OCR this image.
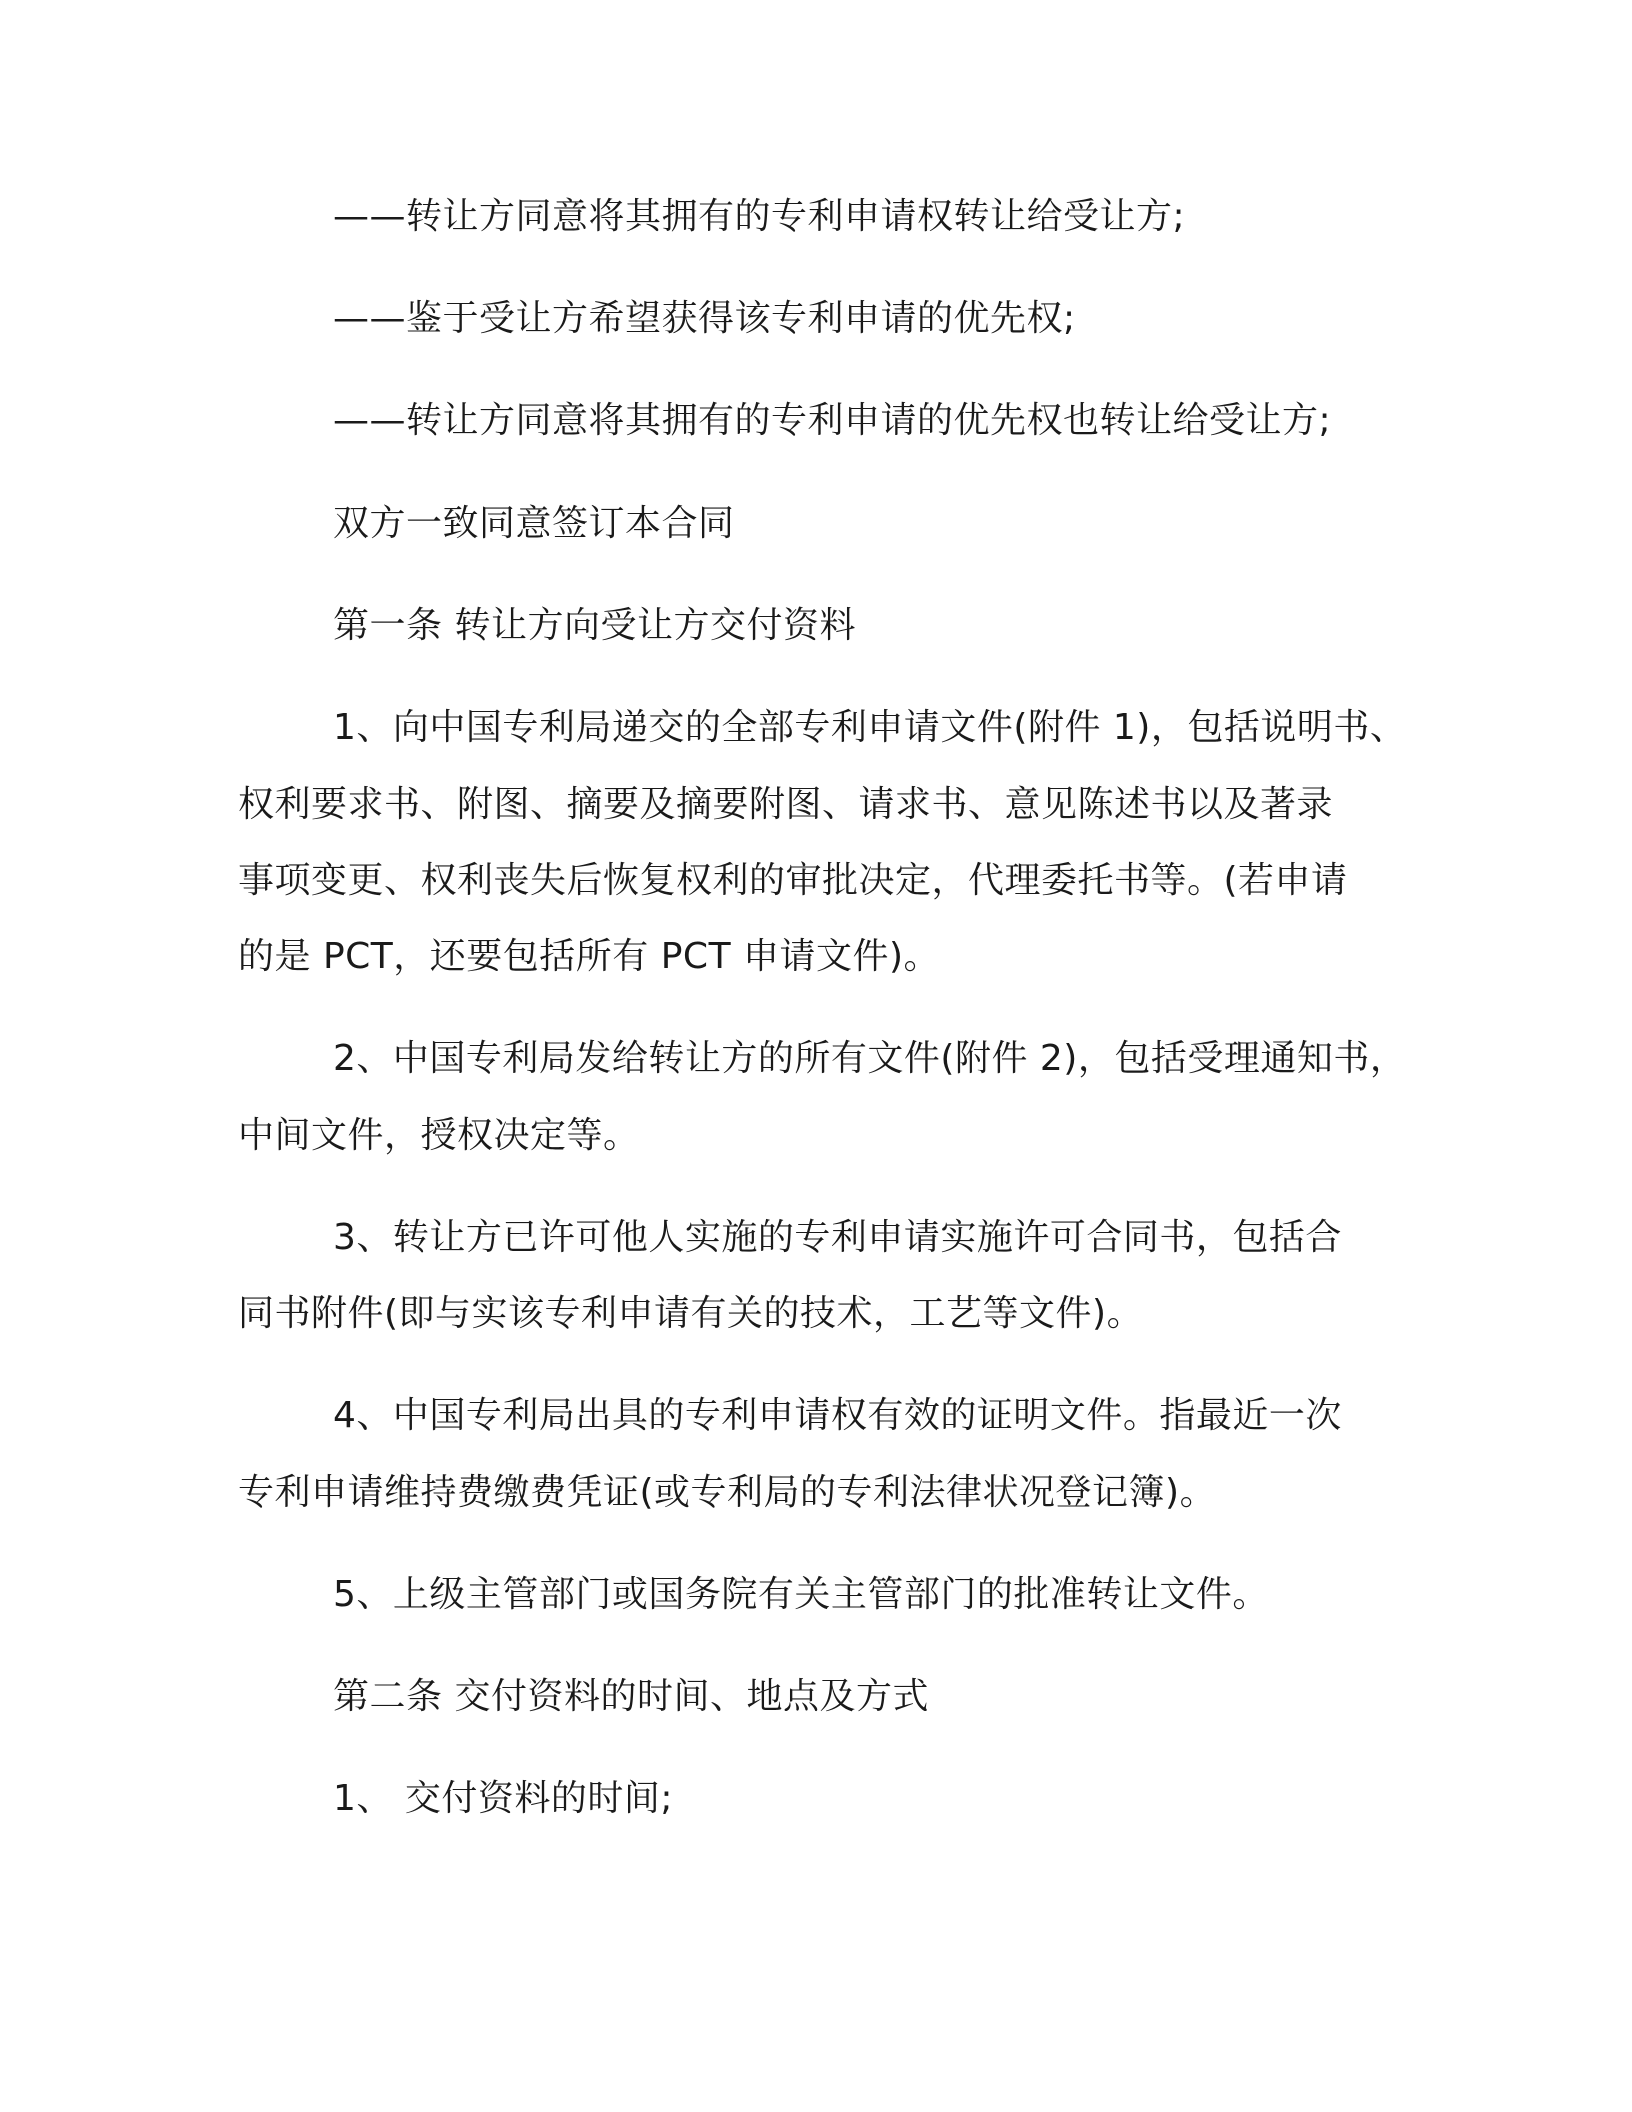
——转让方同意将其拥有的专利申请权转让给受让方;
——鉴于受让方希望获得该专利申请的优先权;
——转让方同意将其拥有的专利申请的优先权也转让给受让方;
双方一致同意签订本合同
第一条 转让方向受让方交付资料
1、向中国专利局递交的全部专利申请文件(附件 1)，包括说明书、
权利要求书、附图、摘要及摘要附图、请求书、意见陈述书以及著录
事项变更、权利丧失后恢复权利的审批决定，代理委托书等。(若申请
的是 PCT，还要包括所有 PCT 申请文件)。
2、中国专利局发给转让方的所有文件(附件 2)，包括受理通知书，
中间文件，授权决定等。
3、转让方已许可他人实施的专利申请实施许可合同书，包括合
同书附件(即与实该专利申请有关的技术，工艺等文件)。
4、中国专利局出具的专利申请权有效的证明文件。指最近一次
专利申请维持费缴费凭证(或专利局的专利法律状况登记簿)。
5、上级主管部门或国务院有关主管部门的批准转让文件。
第二条 交付资料的时间、地点及方式
1、 交付资料的时间;
